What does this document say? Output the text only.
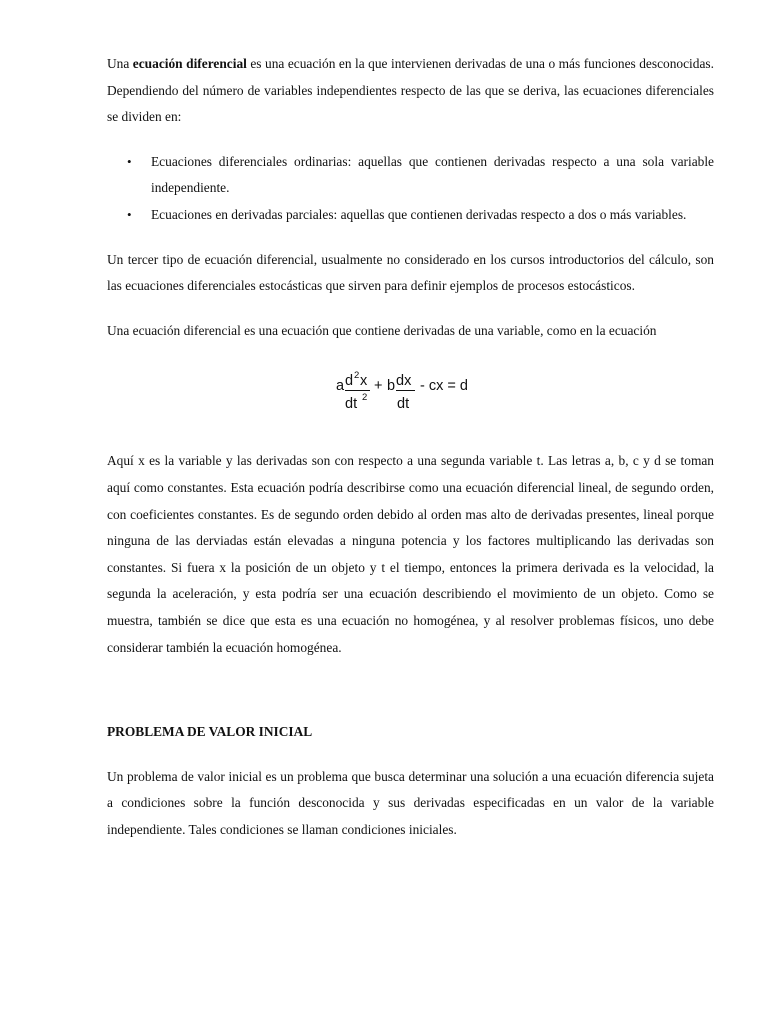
Una ecuación diferencial es una ecuación en la que intervienen derivadas de una o más funciones desconocidas. Dependiendo del número de variables independientes respecto de las que se deriva, las ecuaciones diferenciales se dividen en:

• Ecuaciones diferenciales ordinarias: aquellas que contienen derivadas respecto a una sola variable independiente.
• Ecuaciones en derivadas parciales: aquellas que contienen derivadas respecto a dos o más variables.

Un tercer tipo de ecuación diferencial, usualmente no considerado en los cursos introductorios del cálculo, son las ecuaciones diferenciales estocásticas que sirven para definir ejemplos de procesos estocásticos.

Una ecuación diferencial es una ecuación que contiene derivadas de una variable, como en la ecuación

a d 2 x
dt 2
+ b dx
dt
- cx = d

Aquí x es la variable y las derivadas son con respecto a una segunda variable t. Las letras a, b, c y d se toman aquí como constantes. Esta ecuación podría describirse como una ecuación diferencial lineal, de segundo orden, con coeficientes constantes. Es de segundo orden debido al orden mas alto de derivadas presentes, lineal porque ninguna de las derviadas están elevadas a ninguna potencia y los factores multiplicando las derivadas son constantes. Si fuera x la posición de un objeto y t el tiempo, entonces la primera derivada es la velocidad, la segunda la aceleración, y esta podría ser una ecuación describiendo el movimiento de un objeto. Como se muestra, también se dice que esta es una ecuación no homogénea, y al resolver problemas físicos, uno debe considerar también la ecuación homogénea.

PROBLEMA DE VALOR INICIAL

Un problema de valor inicial es un problema que busca determinar una solución a una ecuación diferencia sujeta a condiciones sobre la función desconocida y sus derivadas especificadas en un valor de la variable independiente. Tales condiciones se llaman condiciones iniciales.
